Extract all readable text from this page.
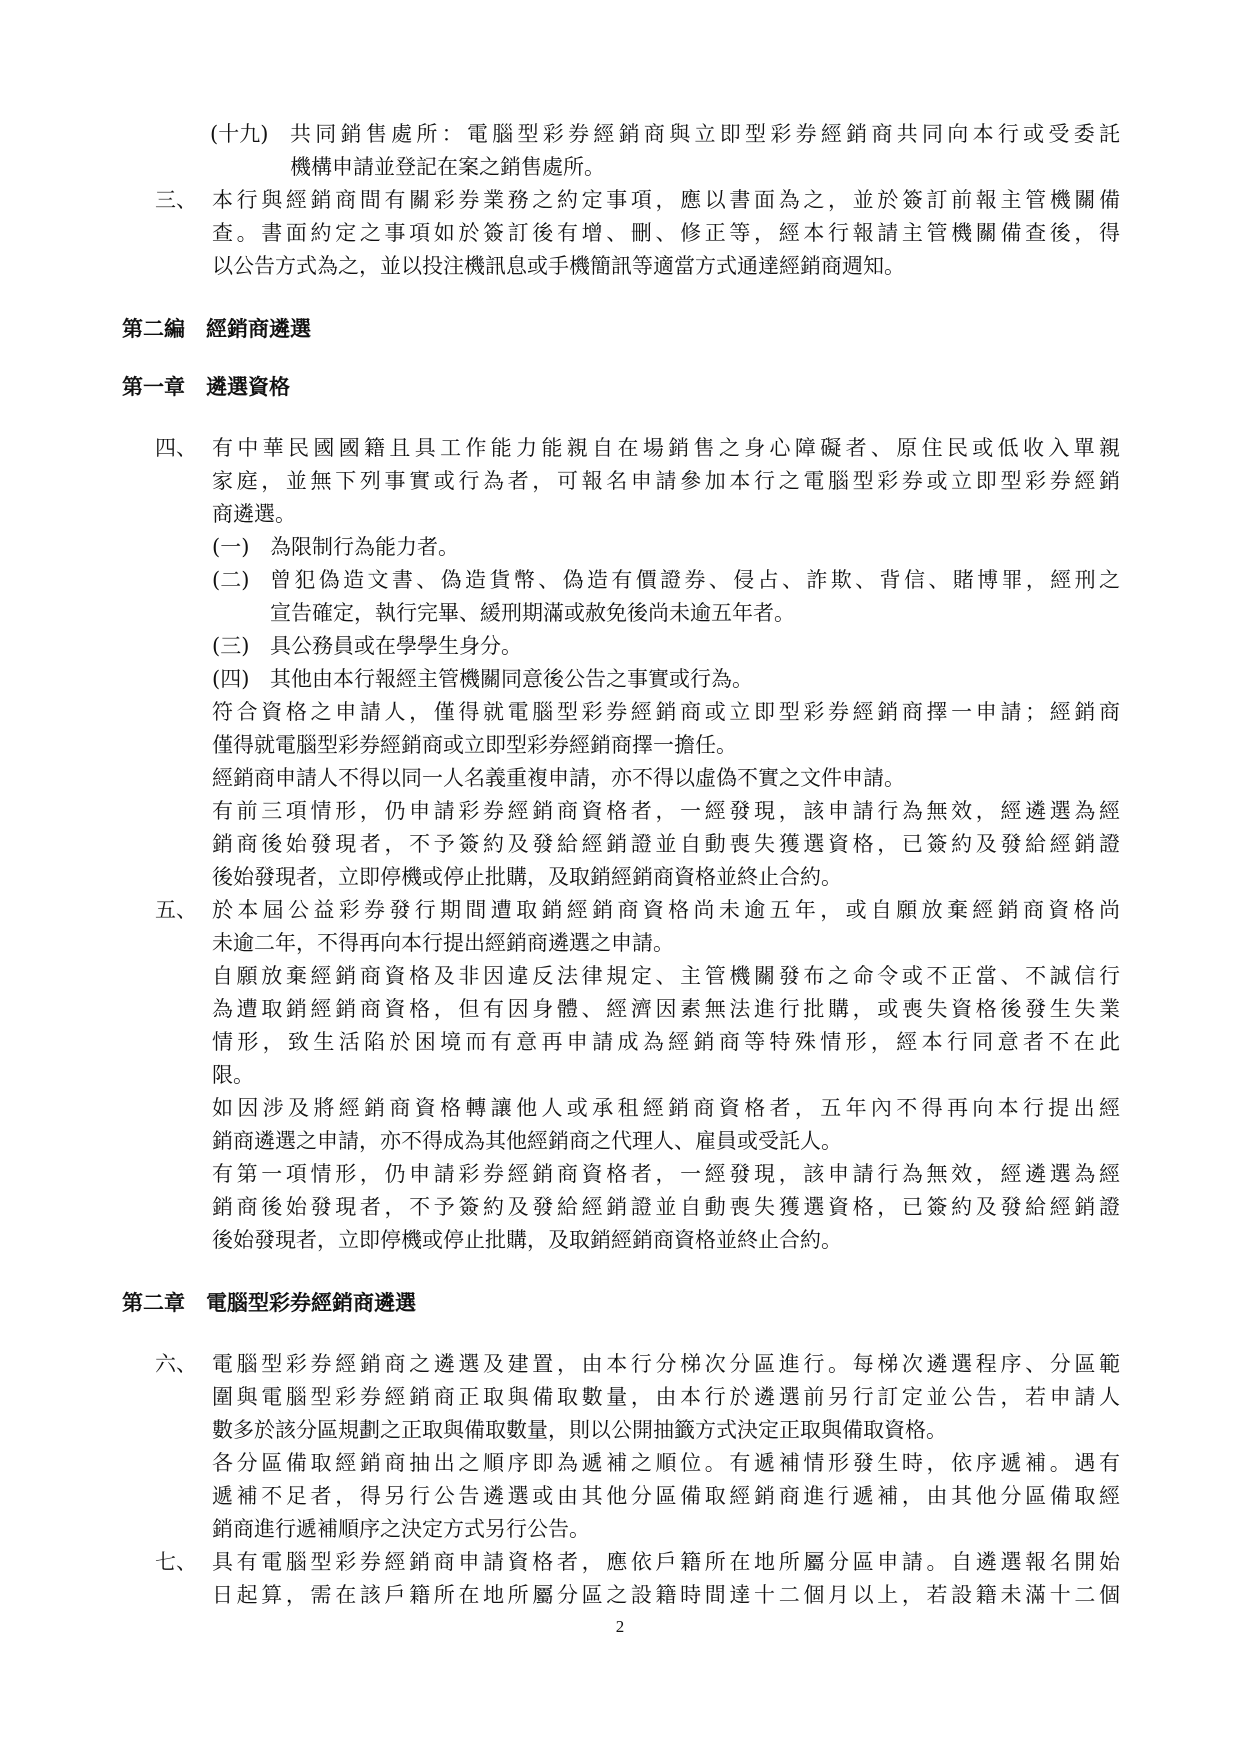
2
(十九) 共同銷售處所：電腦型彩券經銷商與立即型彩券經銷商共同向本行或受委託
機構申請並登記在案之銷售處所。
三、 本行與經銷商間有關彩券業務之約定事項，應以書面為之，並於簽訂前報主管機關備
查。書面約定之事項如於簽訂後有增、刪、修正等，經本行報請主管機關備查後，得
以公告方式為之，並以投注機訊息或手機簡訊等適當方式通達經銷商週知。
第二編　經銷商遴選
第一章　遴選資格
四、 有中華民國國籍且具工作能力能親自在場銷售之身心障礙者、原住民或低收入單親
家庭，並無下列事實或行為者，可報名申請參加本行之電腦型彩券或立即型彩券經銷
商遴選。
(一) 為限制行為能力者。
(二) 曾犯偽造文書、偽造貨幣、偽造有價證券、侵占、詐欺、背信、賭博罪，經刑之
宣告確定，執行完畢、緩刑期滿或赦免後尚未逾五年者。
(三) 具公務員或在學學生身分。
(四) 其他由本行報經主管機關同意後公告之事實或行為。
符合資格之申請人，僅得就電腦型彩券經銷商或立即型彩券經銷商擇一申請；經銷商
僅得就電腦型彩券經銷商或立即型彩券經銷商擇一擔任。
經銷商申請人不得以同一人名義重複申請，亦不得以虛偽不實之文件申請。
有前三項情形，仍申請彩券經銷商資格者，一經發現，該申請行為無效，經遴選為經
銷商後始發現者，不予簽約及發給經銷證並自動喪失獲選資格，已簽約及發給經銷證
後始發現者，立即停機或停止批購，及取銷經銷商資格並終止合約。
五、 於本屆公益彩券發行期間遭取銷經銷商資格尚未逾五年，或自願放棄經銷商資格尚
未逾二年，不得再向本行提出經銷商遴選之申請。
自願放棄經銷商資格及非因違反法律規定、主管機關發布之命令或不正當、不誠信行
為遭取銷經銷商資格，但有因身體、經濟因素無法進行批購，或喪失資格後發生失業
情形，致生活陷於困境而有意再申請成為經銷商等特殊情形，經本行同意者不在此
限。
如因涉及將經銷商資格轉讓他人或承租經銷商資格者，五年內不得再向本行提出經
銷商遴選之申請，亦不得成為其他經銷商之代理人、雇員或受託人。
有第一項情形，仍申請彩券經銷商資格者，一經發現，該申請行為無效，經遴選為經
銷商後始發現者，不予簽約及發給經銷證並自動喪失獲選資格，已簽約及發給經銷證
後始發現者，立即停機或停止批購，及取銷經銷商資格並終止合約。
第二章　電腦型彩券經銷商遴選
六、 電腦型彩券經銷商之遴選及建置，由本行分梯次分區進行。每梯次遴選程序、分區範
圍與電腦型彩券經銷商正取與備取數量，由本行於遴選前另行訂定並公告，若申請人
數多於該分區規劃之正取與備取數量，則以公開抽籤方式決定正取與備取資格。
各分區備取經銷商抽出之順序即為遞補之順位。有遞補情形發生時，依序遞補。遇有
遞補不足者，得另行公告遴選或由其他分區備取經銷商進行遞補，由其他分區備取經
銷商進行遞補順序之決定方式另行公告。
七、 具有電腦型彩券經銷商申請資格者，應依戶籍所在地所屬分區申請。自遴選報名開始
日起算，需在該戶籍所在地所屬分區之設籍時間達十二個月以上，若設籍未滿十二個
